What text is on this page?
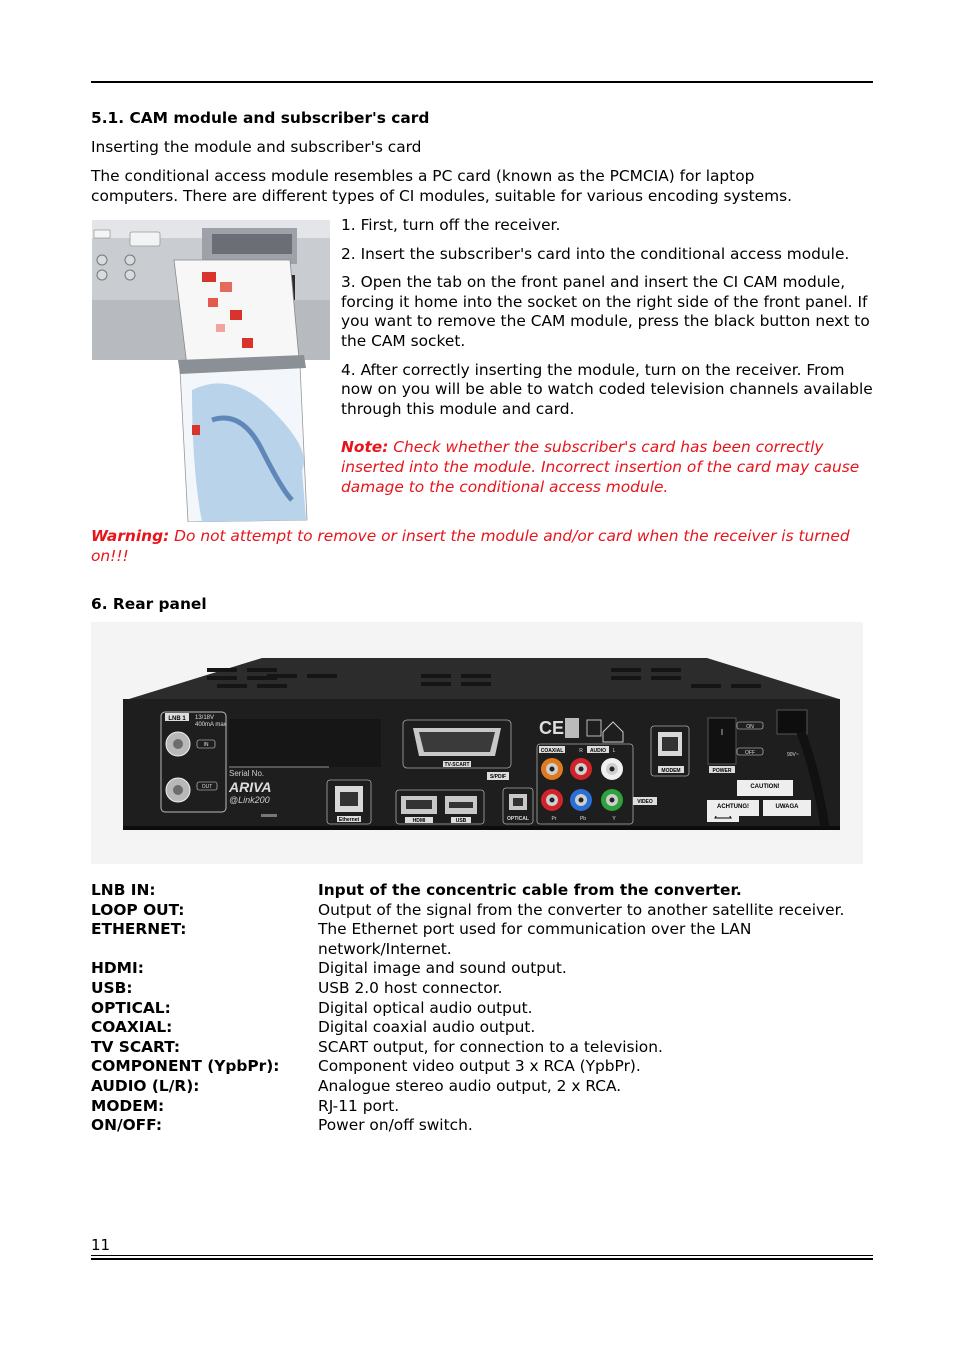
5.1. CAM module and subscriber's card

Inserting the module and subscriber's card

The conditional access module resembles a PC card (known as the PCMCIA) for laptop

computers. There are different types of CI modules, suitable for various encoding systems.

1. First, turn off the receiver.

2. Insert the subscriber's card into the conditional access module.

3. Open the tab on the front panel and insert the CI CAM module, forcing it home into the socket on the right side of the front panel. If you want to remove the CAM module, press the black button next to the CAM socket.

4. After correctly inserting the module, turn on the receiver. From now on you will be able to watch coded television channels available through this module and card.

Note: Check whether the subscriber's card has been correctly inserted into the module. Incorrect insertion of the card may cause damage to the conditional access module.

Warning: Do not attempt to remove or insert the module and/or card when the receiver is turned on!!!

6. Rear panel

LNB 1 13/18V
400mA max
IN
OUT
Serial No.
ARIVA
@Link200
Ethernet
TV-SCART
HDMI	USB
S/PDIF
OPTICAL
COAXIAL	R AUDIO L
Pr	Pb	Y
VIDEO
CE
MODEM
I
ON
OFF
POWER
90V~
CAUTION!
ACHTUNG!	UWAGA
LNB IN:	Input of the concentric cable from the converter.
LOOP OUT:	Output of the signal from the converter to another satellite receiver.
ETHERNET:	The Ethernet port used for communication over the LAN network/Internet.
HDMI:	Digital image and sound output.
USB:	USB 2.0 host connector.
OPTICAL:	Digital optical audio output.
COAXIAL:	Digital coaxial audio output.
TV SCART:	SCART output, for connection to a television.
COMPONENT (YpbPr):	Component video output 3 x RCA (YpbPr).
AUDIO (L/R):	Analogue stereo audio output, 2 x RCA.
MODEM:	RJ-11 port.
ON/OFF:	Power on/off switch.
11
